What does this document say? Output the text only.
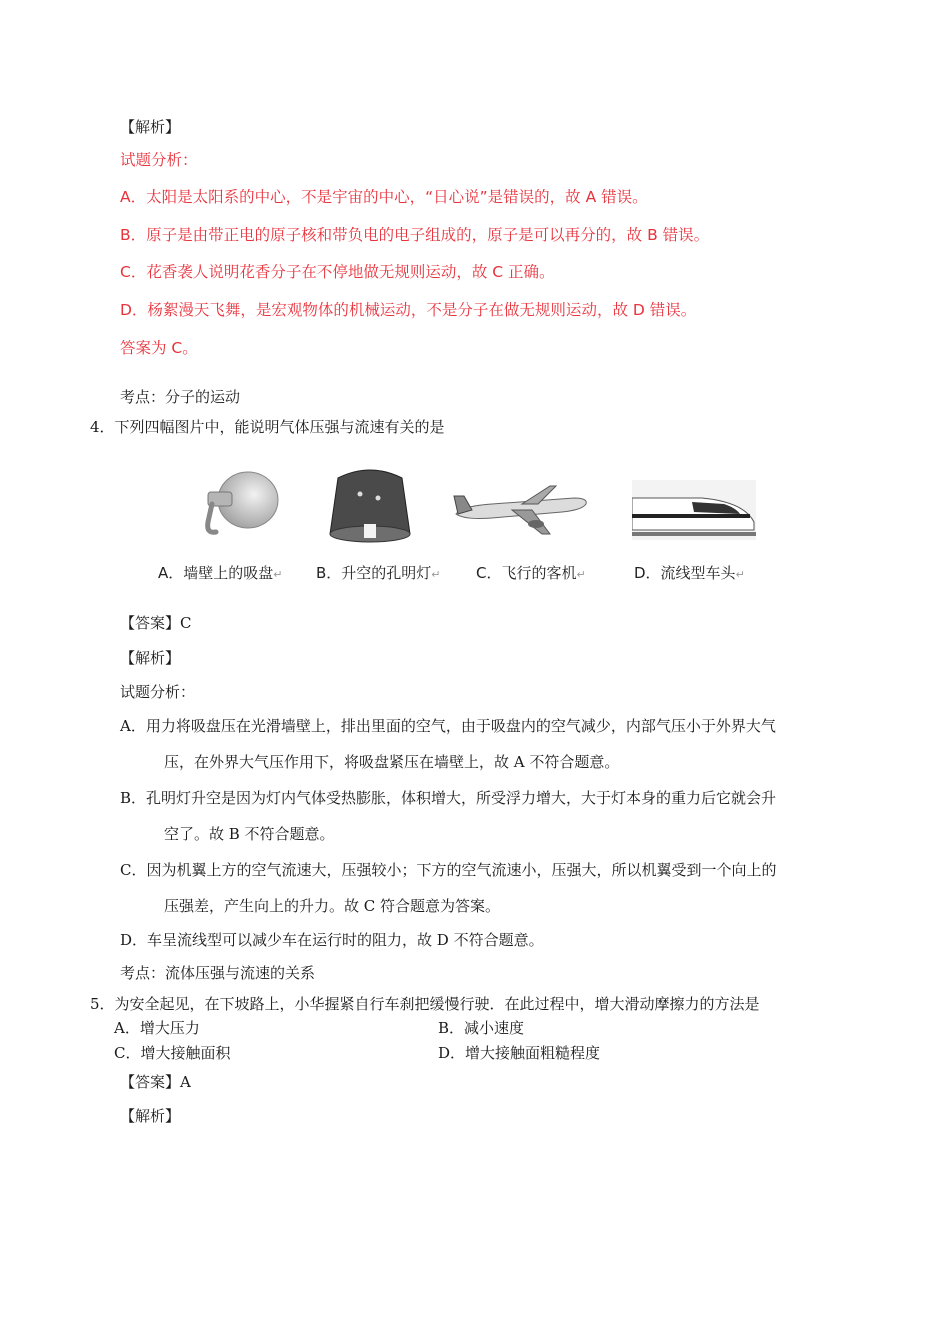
【解析】
试题分析：
A．太阳是太阳系的中心，不是宇宙的中心，“日心说”是错误的，故 A 错误。
B．原子是由带正电的原子核和带负电的电子组成的，原子是可以再分的，故 B 错误。
C．花香袭人说明花香分子在不停地做无规则运动，故 C 正确。
D．杨絮漫天飞舞，是宏观物体的机械运动，不是分子在做无规则运动，故 D 错误。
答案为 C。
考点：分子的运动
4．下列四幅图片中，能说明气体压强与流速有关的是
A．墙壁上的吸盘↵ B．升空的孔明灯↵ C．飞行的客机↵	D．流线型车头↵
【答案】C
【解析】
试题分析：
A．用力将吸盘压在光滑墙壁上，排出里面的空气，由于吸盘内的空气减少，内部气压小于外界大气
压，在外界大气压作用下，将吸盘紧压在墙壁上，故 A 不符合题意。
B．孔明灯升空是因为灯内气体受热膨胀，体积增大，所受浮力增大，大于灯本身的重力后它就会升
空了。故 B 不符合题意。
C．因为机翼上方的空气流速大，压强较小；下方的空气流速小，压强大，所以机翼受到一个向上的
压强差，产生向上的升力。故 C 符合题意为答案。
D．车呈流线型可以减少车在运行时的阻力，故 D 不符合题意。
考点：流体压强与流速的关系
5．为安全起见，在下坡路上，小华握紧自行车刹把缓慢行驶．在此过程中，增大滑动摩擦力的方法是
A．增大压力	B．减小速度
C．增大接触面积	D．增大接触面粗糙程度
【答案】A
【解析】
